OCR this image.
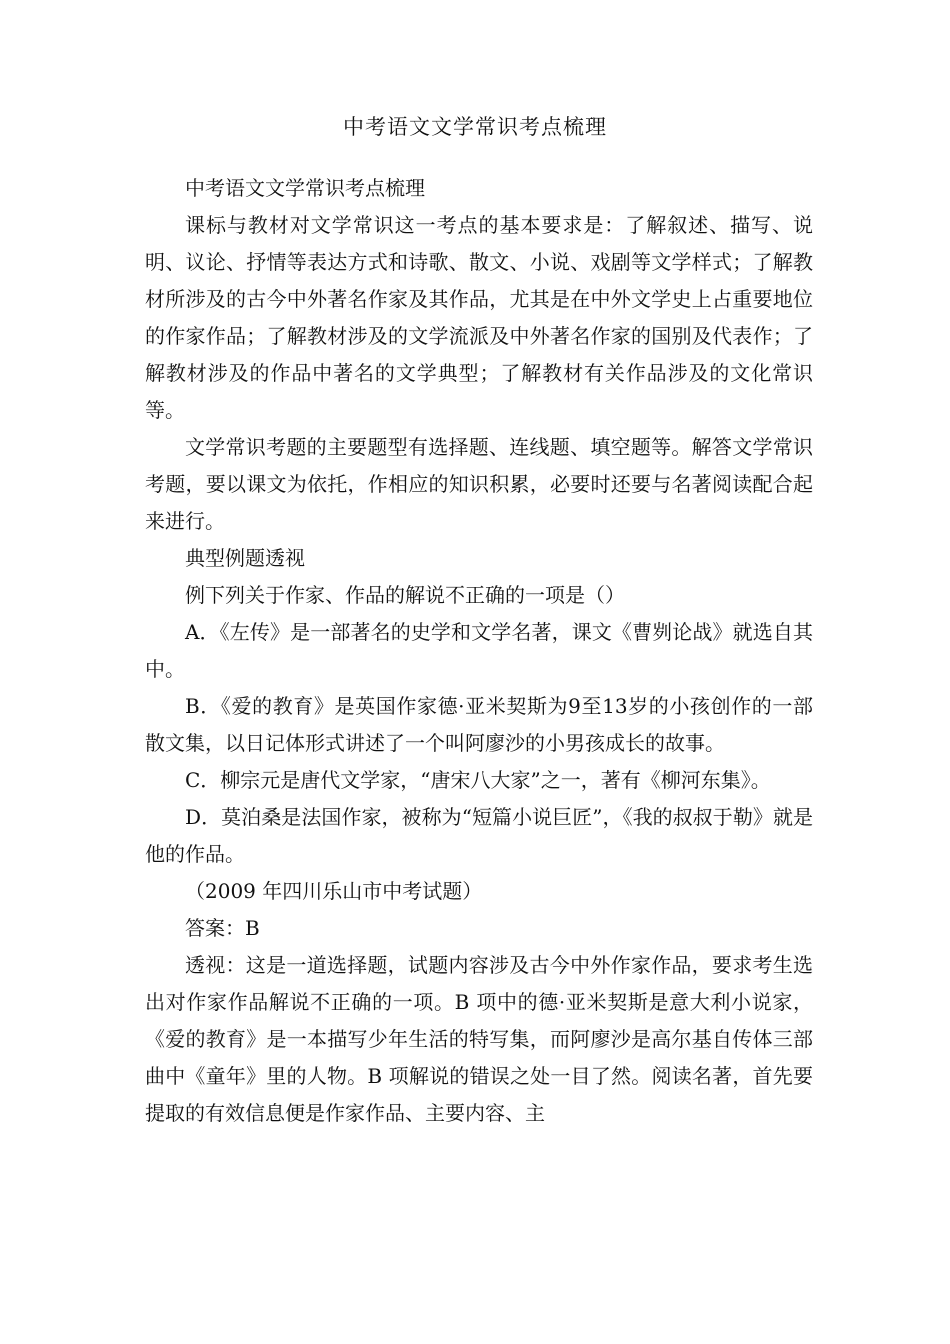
中考语文文学常识考点梳理

中考语文文学常识考点梳理

课标与教材对文学常识这一考点的基本要求是：了解叙述、描写、说明、议论、抒情等表达方式和诗歌、散文、小说、戏剧等文学样式；了解教材所涉及的古今中外著名作家及其作品，尤其是在中外文学史上占重要地位的作家作品；了解教材涉及的文学流派及中外著名作家的国别及代表作；了解教材涉及的作品中著名的文学典型；了解教材有关作品涉及的文化常识等。

文学常识考题的主要题型有选择题、连线题、填空题等。解答文学常识考题，要以课文为依托，作相应的知识积累，必要时还要与名著阅读配合起来进行。

典型例题透视

例下列关于作家、作品的解说不正确的一项是（）

A．《左传》是一部著名的史学和文学名著，课文《曹刿论战》就选自其中。

B．《爱的教育》是英国作家德·亚米契斯为9至13岁的小孩创作的一部散文集，以日记体形式讲述了一个叫阿廖沙的小男孩成长的故事。

C．柳宗元是唐代文学家，“唐宋八大家”之一，著有《柳河东集》。

D．莫泊桑是法国作家，被称为“短篇小说巨匠”，《我的叔叔于勒》就是他的作品。

（2009 年四川乐山市中考试题）

答案：B

透视：这是一道选择题，试题内容涉及古今中外作家作品，要求考生选出对作家作品解说不正确的一项。B 项中的德·亚米契斯是意大利小说家，《爱的教育》是一本描写少年生活的特写集，而阿廖沙是高尔基自传体三部曲中《童年》里的人物。B 项解说的错误之处一目了然。阅读名著，首先要提取的有效信息便是作家作品、主要内容、主
